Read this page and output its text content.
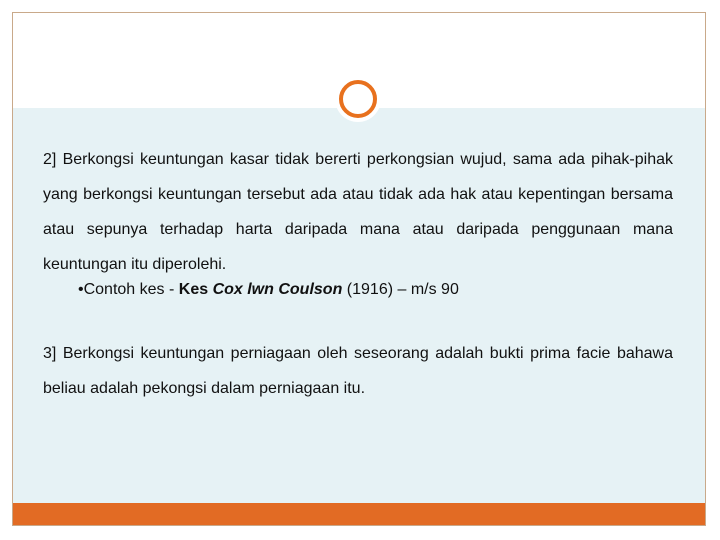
2] Berkongsi keuntungan kasar tidak bererti perkongsian wujud, sama ada pihak-pihak yang berkongsi keuntungan tersebut ada atau tidak ada hak atau kepentingan bersama atau sepunya terhadap harta daripada mana atau daripada penggunaan mana keuntungan itu diperolehi.
•Contoh kes - Kes Cox lwn Coulson (1916) – m/s 90
3] Berkongsi keuntungan perniagaan oleh seseorang adalah bukti prima facie bahawa beliau adalah pekongsi dalam perniagaan itu.
